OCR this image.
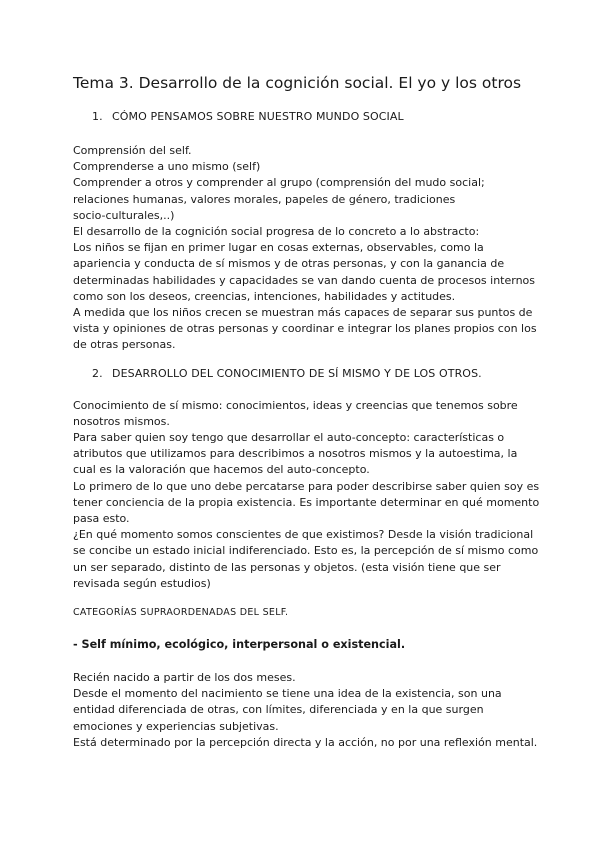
Tema 3. Desarrollo de la cognición social. El yo y los otros
1. CÓMO PENSAMOS SOBRE NUESTRO MUNDO SOCIAL

Comprensión del self.

Comprenderse a uno mismo (self)

Comprender a otros y comprender al grupo (comprensión del mudo social;

relaciones humanas, valores morales, papeles de género, tradiciones

socio-culturales,..)

El desarrollo de la cognición social progresa de lo concreto a lo abstracto:

Los niños se fijan en primer lugar en cosas externas, observables, como la

apariencia y conducta de sí mismos y de otras personas, y con la ganancia de

determinadas habilidades y capacidades se van dando cuenta de procesos internos

como son los deseos, creencias, intenciones, habilidades y actitudes.

A medida que los niños crecen se muestran más capaces de separar sus puntos de

vista y opiniones de otras personas y coordinar e integrar los planes propios con los

de otras personas.

2. DESARROLLO DEL CONOCIMIENTO DE SÍ MISMO Y DE LOS OTROS.

Conocimiento de sí mismo: conocimientos, ideas y creencias que tenemos sobre

nosotros mismos.

Para saber quien soy tengo que desarrollar el auto-concepto: características o

atributos que utilizamos para describimos a nosotros mismos y la autoestima, la

cual es la valoración que hacemos del auto-concepto.

Lo primero de lo que uno debe percatarse para poder describirse saber quien soy es

tener conciencia de la propia existencia. Es importante determinar en qué momento

pasa esto.

¿En qué momento somos conscientes de que existimos? Desde la visión tradicional

se concibe un estado inicial indiferenciado. Esto es, la percepción de sí mismo como

un ser separado, distinto de las personas y objetos. (esta visión tiene que ser

revisada según estudios)

CATEGORÍAS SUPRAORDENADAS DEL SELF.

- Self mínimo, ecológico, interpersonal o existencial.

Recién nacido a partir de los dos meses.

Desde el momento del nacimiento se tiene una idea de la existencia, son una

entidad diferenciada de otras, con límites, diferenciada y en la que surgen

emociones y experiencias subjetivas.

Está determinado por la percepción directa y la acción, no por una reflexión mental.
